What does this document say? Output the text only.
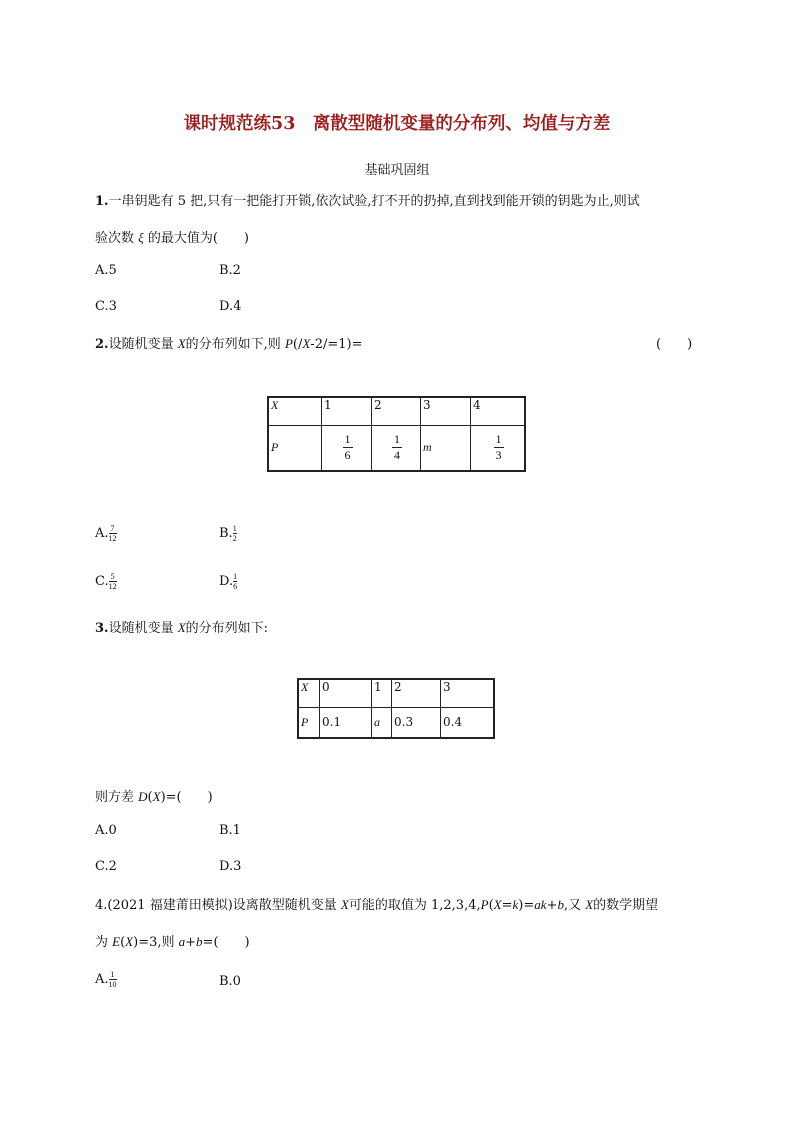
课时规范练53　离散型随机变量的分布列、均值与方差
基础巩固组
1.一串钥匙有 5 把,只有一把能打开锁,依次试验,打不开的扔掉,直到找到能开锁的钥匙为止,则试
验次数 ξ 的最大值为(　　)
A.5	B.2
C.3	D.4
2.设随机变量 X的分布列如下,则 P(/X-2/=1)=	(　　)
X	1	2	3	4
P	$\frac{1}{6}$	$\frac{1}{4}$	m	$\frac{1}{3}$
A. $\frac{7}{12}$	B. $\frac{1}{2}$
C. $\frac{5}{12}$	D. $\frac{1}{6}$
3.设随机变量 X的分布列如下:
X	0	1	2	3
P	0.1	a	0.3	0.4
则方差 D(X)=(　　)
A.0	B.1
C.2	D.3
4.(2021 福建莆田模拟)设离散型随机变量 X可能的取值为 1,2,3,4,P(X=k)=ak+b,又 X的数学期望
为 E(X)=3,则 a+b=(　　)
A. $\frac{1}{10}$	B.0
